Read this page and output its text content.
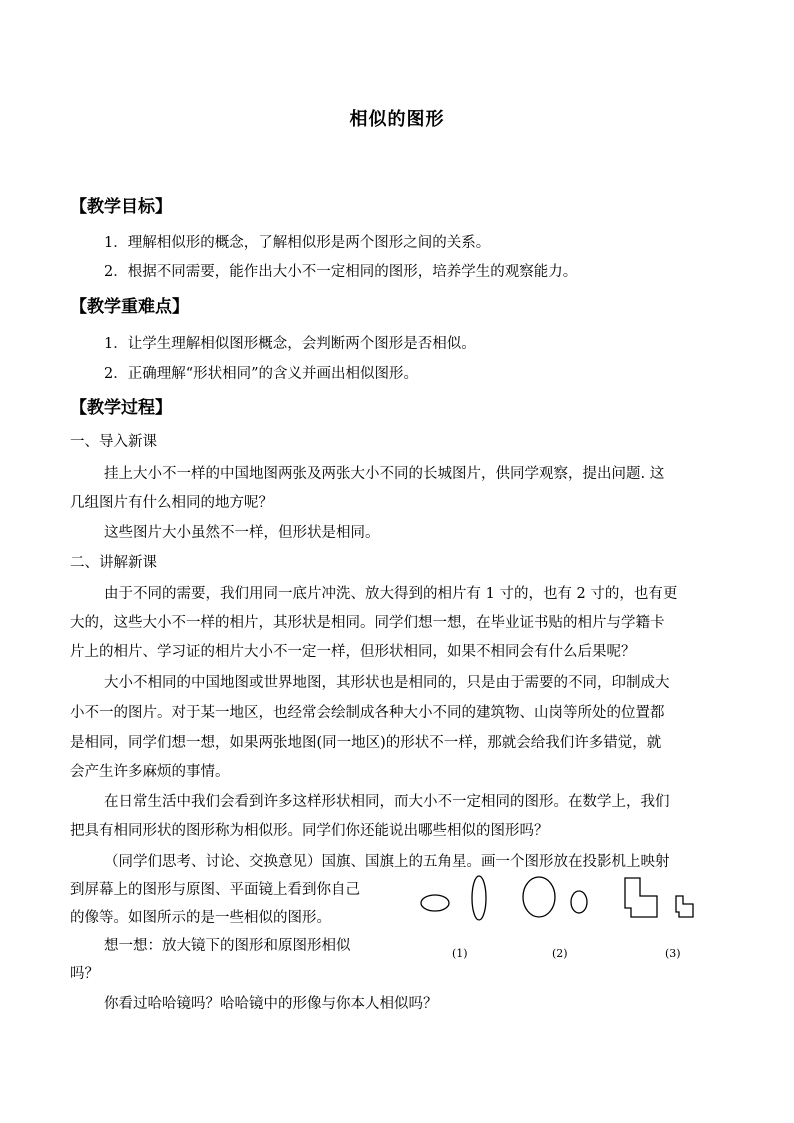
相似的图形
【教学目标】
1．理解相似形的概念，了解相似形是两个图形之间的关系。
2．根据不同需要，能作出大小不一定相同的图形，培养学生的观察能力。
【教学重难点】
1．让学生理解相似图形概念，会判断两个图形是否相似。
2．正确理解“形状相同”的含义并画出相似图形。
【教学过程】
一、导入新课
挂上大小不一样的中国地图两张及两张大小不同的长城图片，供同学观察，提出问题. 这
几组图片有什么相同的地方呢？
这些图片大小虽然不一样，但形状是相同。
二、讲解新课
由于不同的需要，我们用同一底片冲洗、放大得到的相片有 1 寸的，也有 2 寸的，也有更
大的，这些大小不一样的相片，其形状是相同。同学们想一想，在毕业证书贴的相片与学籍卡
片上的相片、学习证的相片大小不一定一样，但形状相同，如果不相同会有什么后果呢？
大小不相同的中国地图或世界地图，其形状也是相同的，只是由于需要的不同，印制成大
小不一的图片。对于某一地区，也经常会绘制成各种大小不同的建筑物、山岗等所处的位置都
是相同，同学们想一想，如果两张地图(同一地区)的形状不一样，那就会给我们许多错觉，就
会产生许多麻烦的事情。
在日常生活中我们会看到许多这样形状相同，而大小不一定相同的图形。在数学上，我们
把具有相同形状的图形称为相似形。同学们你还能说出哪些相似的图形吗？
（同学们思考、讨论、交换意见）国旗、国旗上的五角星。画一个图形放在投影机上映射
到屏幕上的图形与原图、平面镜上看到你自己
的像等。如图所示的是一些相似的图形。
想一想：放大镜下的图形和原图形相似
吗？
你看过哈哈镜吗？哈哈镜中的形像与你本人相似吗？
(1)	(2)	(3)
